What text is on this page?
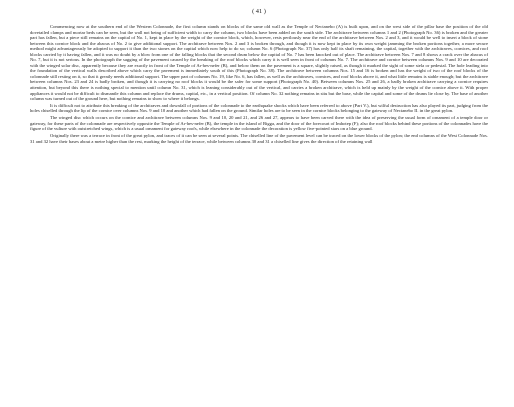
( 41 )

Commencing now at the southern end of the Western Colonnade, the first column stands on blocks of the same old wall as the Temple of Nectanebo (A) is built upon, and on the west side of the pillar base the position of the old dovetailed clamps and mortar beds can be seen, but the wall not being of sufficient width to carry the column, two blocks have been added on the south side. The architrave between columns 1 and 2 (Photograph No. 36) is broken and the greater part has fallen, but a piece still remains on the capital of No. 1, kept in place by the weight of the cornice block, which, however, rests perilously near the end of the architrave between Nos. 2 and 3, and it would be well to insert a block of stone between this cornice block and the abacus of No. 2 to give additional support. The architrave between Nos. 2 and 3 is broken through, and though it is now kept in place by its own weight jamming the broken portions together, a more secure method might advantageously be adopted to support it than the two stones on the capital which now help to do so; column No. 6 (Photograph No. 37) has only half its shaft remaining, the capital, together with the architraves, cornices, and roof blocks carried by it having fallen, and it was no doubt by a blow from one of the falling blocks that the second drum below the capital of No. 7 has been knocked out of place. The architrave between Nos. 7 and 8 shows a crack over the abacus of No. 7, but it is not serious. In the photograph the sagging of the pavement caused by the breaking of the roof blocks which carry it is well seen in front of columns No. 7. The architrave and cornice between columns Nos. 9 and 10 are decorated with the winged solar disc, apparently because they are exactly in front of the Temple of Ar-hes-nefer (B), and below them on the pavement is a square, slightly raised, as though it marked the sight of some stela or pedestal. The hole leading into the foundation of the vertical walls described above which carry the pavement is immediately south of this (Photograph No. 38). The architrave between columns Nos. 15 and 16 is broken and has the weight of two of the roof blocks of the colonnade still resting on it, so that it greatly needs additional support. The upper part of columns No. 19, like No. 6, has fallen, as well as the architraves, cornices, and roof blocks above it, and what little remains is stable enough; but the architrave between columns Nos. 23 and 24 is badly broken, and though it is carrying no roof blocks it would be the safer for some support (Photograph No. 40). Between columns Nos. 25 and 26, a badly broken architrave carrying a cornice requires attention, but beyond this there is nothing special to mention until column No. 31, which is leaning considerably out of the vertical, and carries a broken architrave, which is held up mainly by the weight of the cornice above it. With proper appliances it would not be difficult to dismantle this column and replace the drums, capital, etc., in a vertical position. Of column No. 32 nothing remains in situ but the base, while the capital and some of the drums lie close by. The base of another column was turned out of the ground here, but nothing remains to show to where it belongs.

It is difficult not to attribute this breaking of the architraves and downfall of portions of the colonnade to the earthquake shocks which have been referred to above (Part V.), but wilful destruction has also played its part, judging from the holes chiselled through the lip of the cornice over columns Nos. 9 and 10 and another which had fallen on the ground. Similar holes are to be seen in the cornice blocks belonging to the gateway of Nectanebo II. in the great pylon.

The winged disc which occurs on the cornice and architrave between columns Nos. 9 and 10, 20 and 21, and 26 and 27, appears to have been carved there with the idea of preserving the usual form of ornament of a temple door or gateway, for these parts of the colonnade are respectively opposite the Temple of Ar-hes-nefer (B), the temple in the island of Bigga, and the door of the forecourt of Imhotep (F); also the roof blocks behind these portions of the colonnades have the figure of the vulture with outstretched wings, which is a usual ornament for gateway roofs, while elsewhere in the colonnade the decoration is yellow five-pointed stars on a blue ground.

Originally there was a terrace in front of the great pylon, and traces of it can be seen at several points. The chiselled line of the pavement level can be traced on the lower blocks of the pylon; the end columns of the West Colonnade Nos. 31 and 32 have their bases about a metre higher than the rest, marking the height of the terrace, while between columns 30 and 31 a chiselled line gives the direction of the retaining wall
